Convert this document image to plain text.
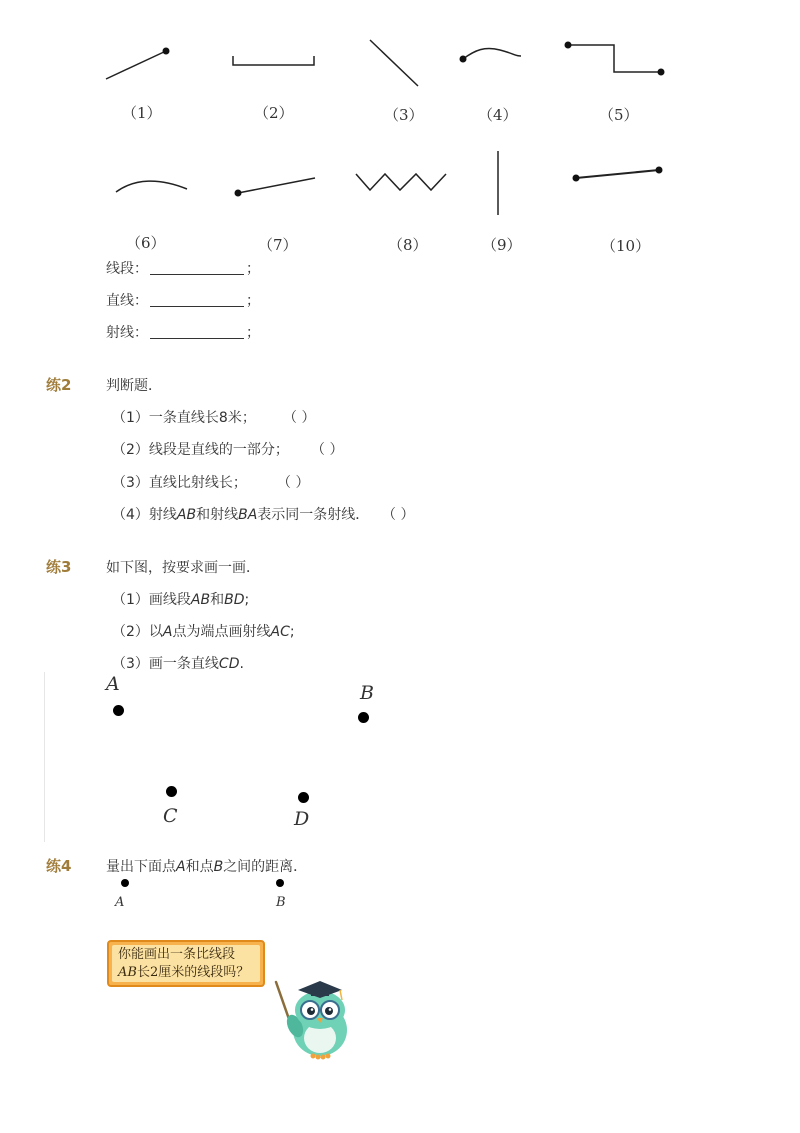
（1）	（2）	（3）	（4）	（5）
（6）	（7）	（8）	（9）	（10）
线段：	；
直线：	；
射线：	；
练2 判断题．
（1）一条直线长8米； （ ）
（2）线段是直线的一部分； （ ）
（3）直线比射线长； （ ）
（4）射线AB和射线BA表示同一条射线． （ ）
练3 如下图，按要求画一画．
（1）画线段AB和BD;
（2）以A点为端点画射线AC;
（3）画一条直线CD.
A	B
C	D
练4 量出下面点A和点B之间的距离．
A	B
你能画出一条比线段
AB长2厘米的线段吗？
